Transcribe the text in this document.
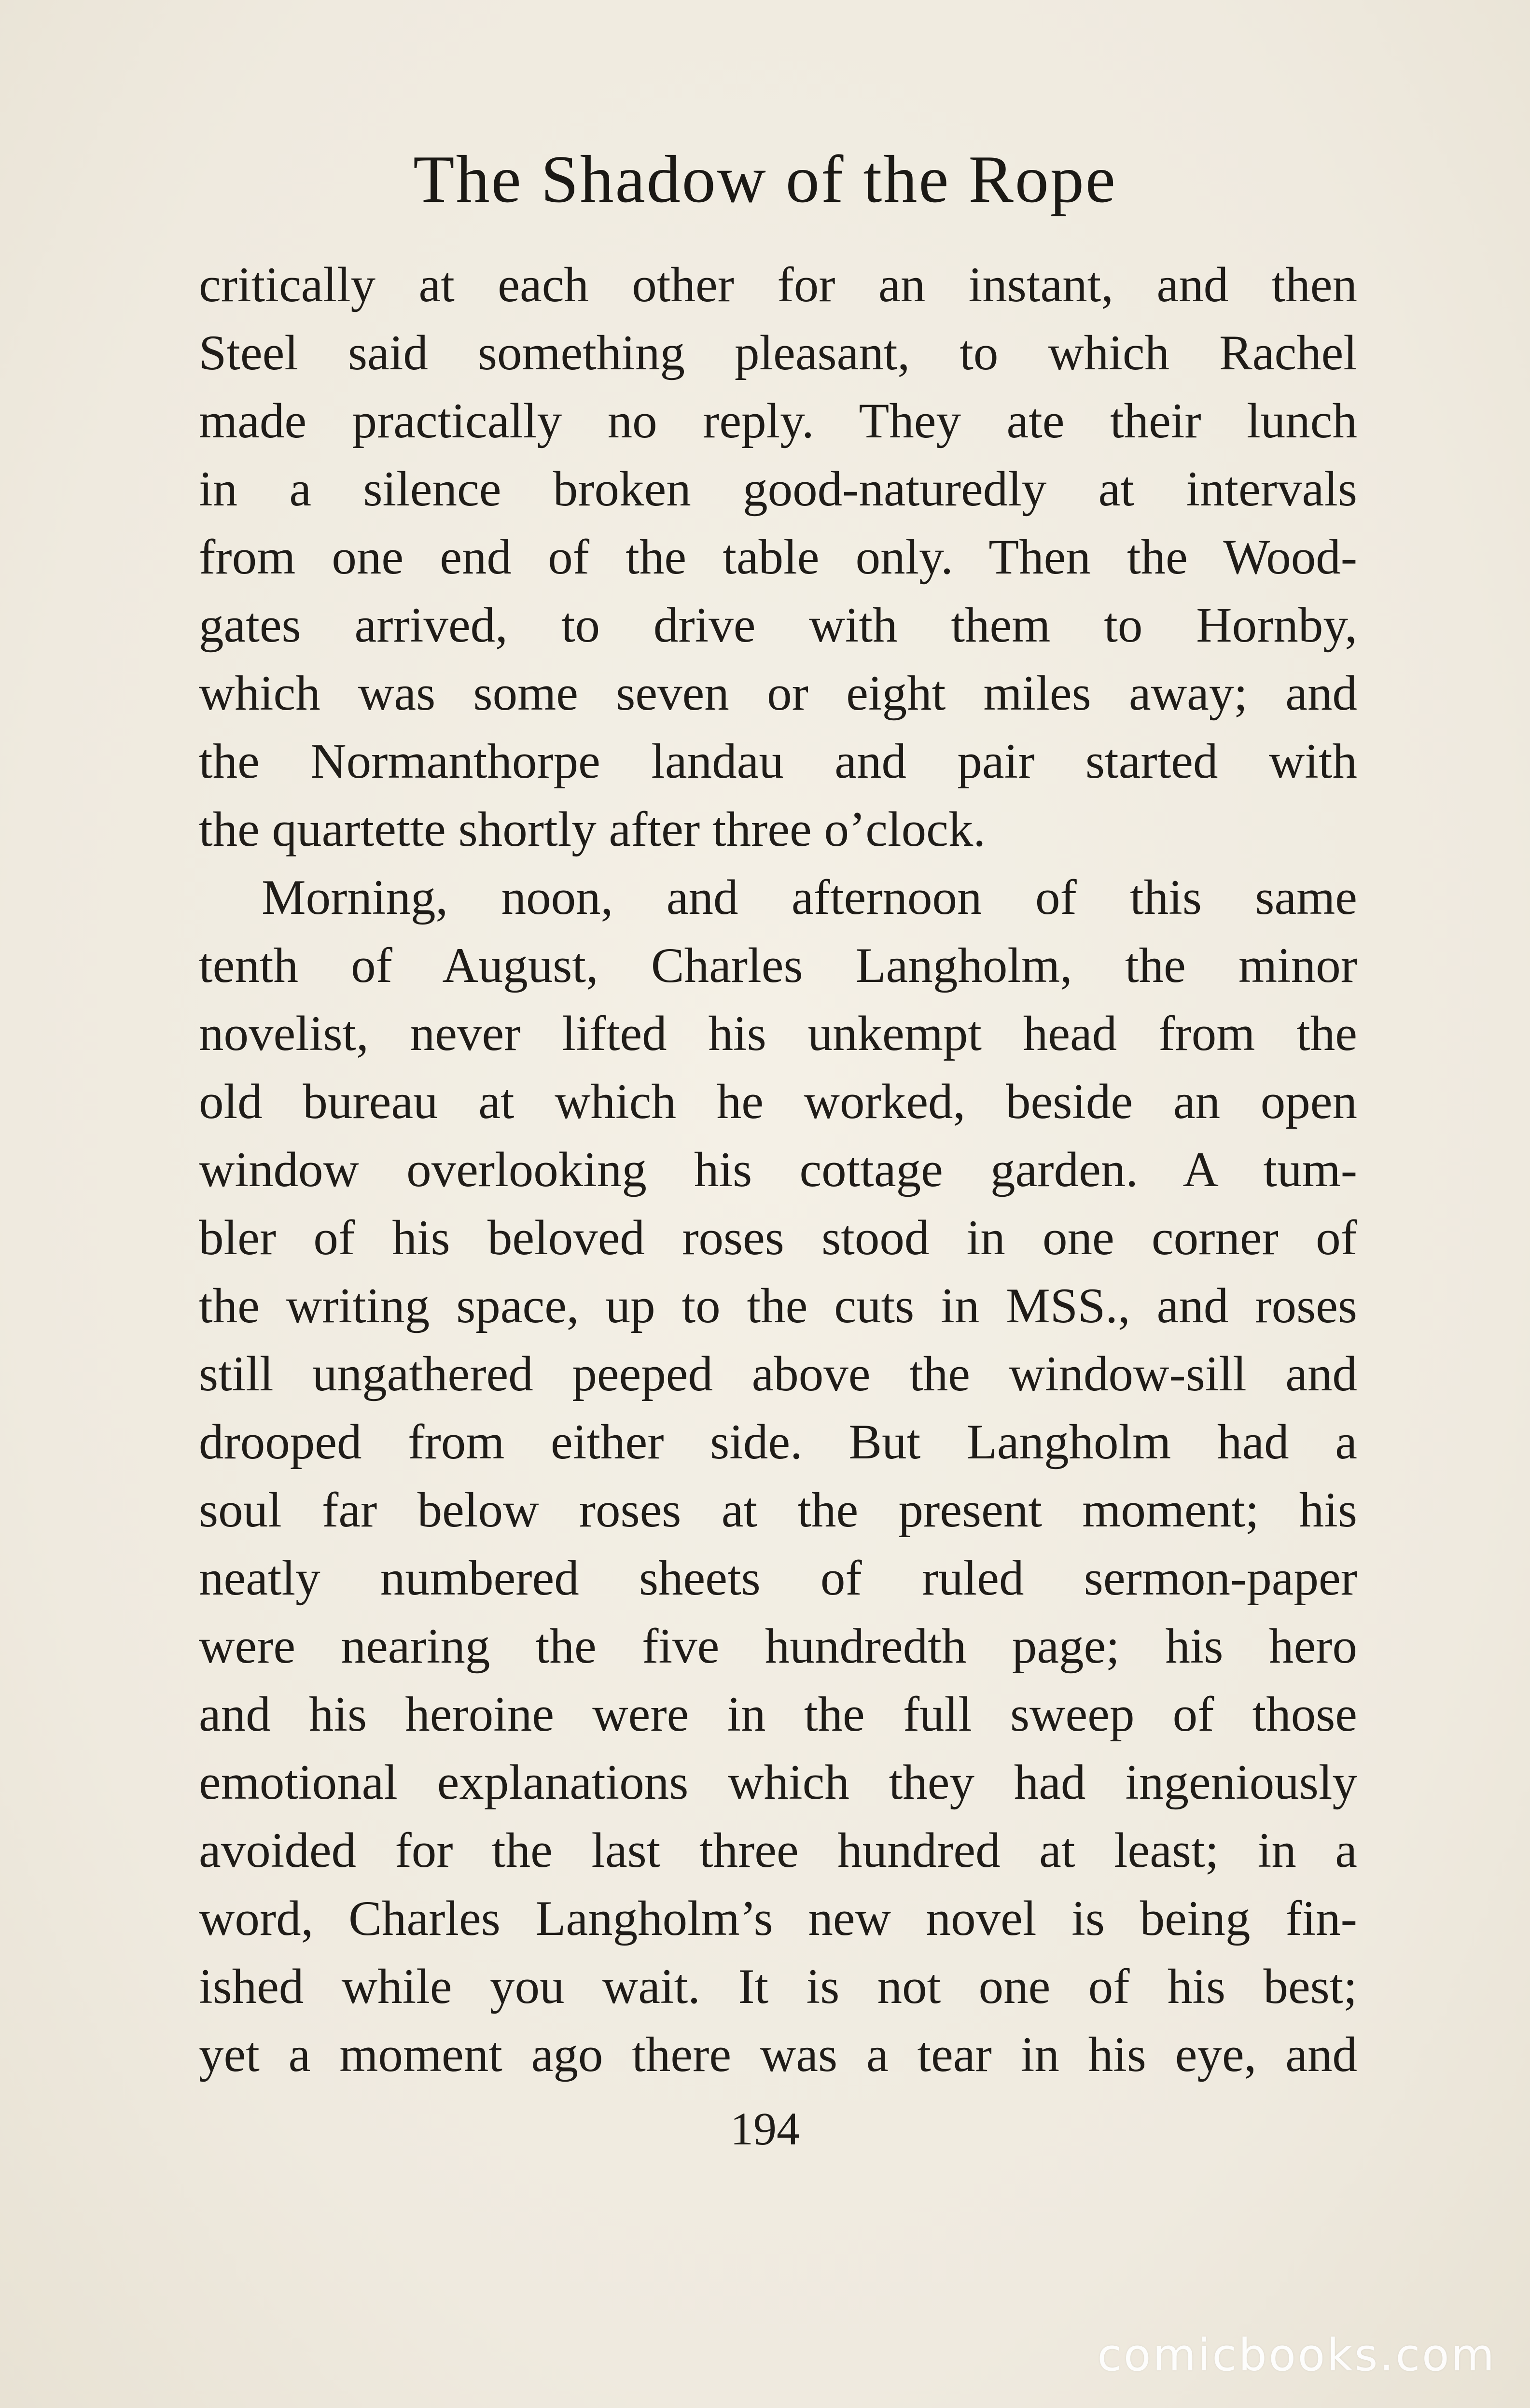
The Shadow of the Rope
critically at each other for an instant, and then
Steel said something pleasant, to which Rachel
made practically no reply. They ate their lunch
in a silence broken good-naturedly at intervals
from one end of the table only. Then the Wood-
gates arrived, to drive with them to Hornby,
which was some seven or eight miles away; and
the Normanthorpe landau and pair started with
the quartette shortly after three o’clock.
Morning, noon, and afternoon of this same
tenth of August, Charles Langholm, the minor
novelist, never lifted his unkempt head from the
old bureau at which he worked, beside an open
window overlooking his cottage garden. A tum-
bler of his beloved roses stood in one corner of
the writing space, up to the cuts in MSS., and roses
still ungathered peeped above the window-sill and
drooped from either side. But Langholm had a
soul far below roses at the present moment; his
neatly numbered sheets of ruled sermon-paper
were nearing the five hundredth page; his hero
and his heroine were in the full sweep of those
emotional explanations which they had ingeniously
avoided for the last three hundred at least; in a
word, Charles Langholm’s new novel is being fin-
ished while you wait. It is not one of his best;
yet a moment ago there was a tear in his eye, and
194
comicbooks.com
